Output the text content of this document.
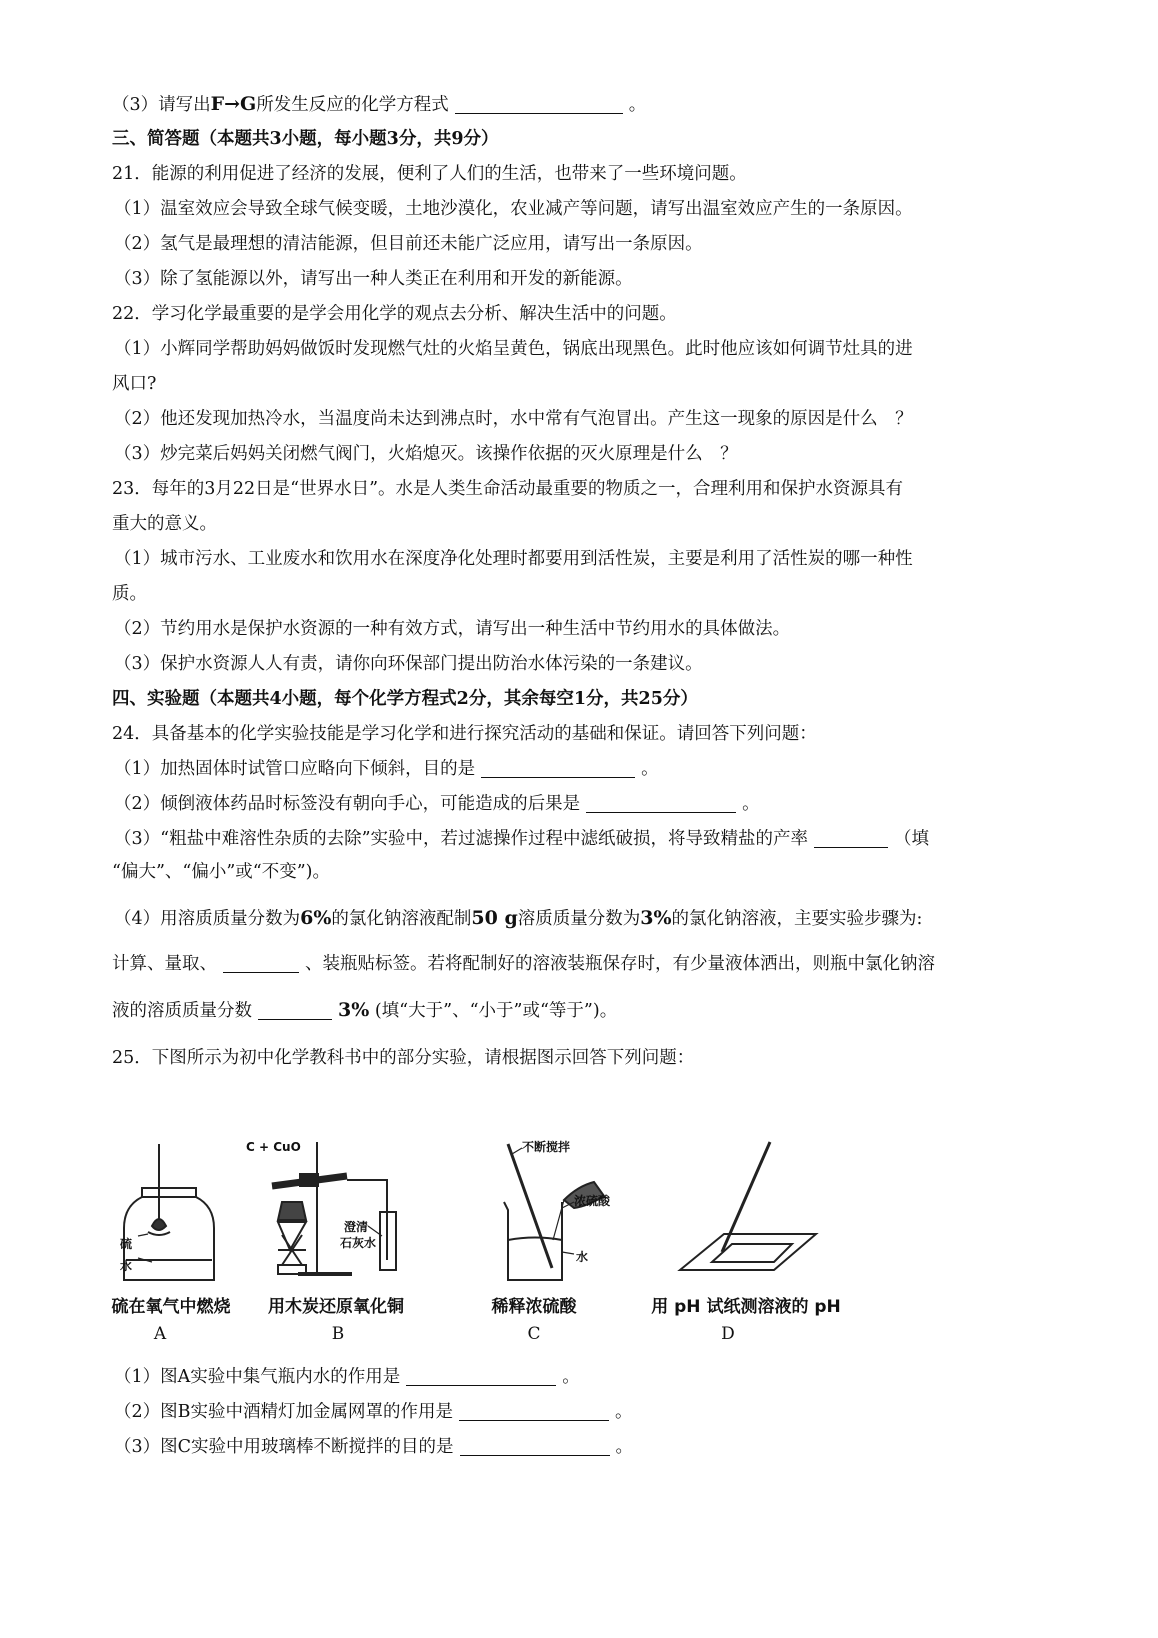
（3）请写出F→G所发生反应的化学方程式	。
三、简答题（本题共3小题，每小题3分，共9分）
21．能源的利用促进了经济的发展，便利了人们的生活，也带来了一些环境问题。
（1）温室效应会导致全球气候变暖，土地沙漠化，农业减产等问题，请写出温室效应产生的一条原因。
（2）氢气是最理想的清洁能源，但目前还未能广泛应用，请写出一条原因。
（3）除了氢能源以外，请写出一种人类正在利用和开发的新能源。
22．学习化学最重要的是学会用化学的观点去分析、解决生活中的问题。
（1）小辉同学帮助妈妈做饭时发现燃气灶的火焰呈黄色，锅底出现黑色。此时他应该如何调节灶具的进
风口?
（2）他还发现加热冷水，当温度尚未达到沸点时，水中常有气泡冒出。产生这一现象的原因是什么　？
（3）炒完菜后妈妈关闭燃气阀门，火焰熄灭。该操作依据的灭火原理是什么　？
23．每年的3月22日是“世界水日”。水是人类生命活动最重要的物质之一，合理利用和保护水资源具有
重大的意义。
（1）城市污水、工业废水和饮用水在深度净化处理时都要用到活性炭，主要是利用了活性炭的哪一种性
质。
（2）节约用水是保护水资源的一种有效方式，请写出一种生活中节约用水的具体做法。
（3）保护水资源人人有责，请你向环保部门提出防治水体污染的一条建议。
四、实验题（本题共4小题，每个化学方程式2分，其余每空1分，共25分）
24．具备基本的化学实验技能是学习化学和进行探究活动的基础和保证。请回答下列问题：
（1）加热固体时试管口应略向下倾斜，目的是	。
（2）倾倒液体药品时标签没有朝向手心，可能造成的后果是	。
（3）“粗盐中难溶性杂质的去除”实验中，若过滤操作过程中滤纸破损，将导致精盐的产率	（填
“偏大”、“偏小”或“不变”)。
（4）用溶质质量分数为6%的氯化钠溶液配制50 g溶质质量分数为3%的氯化钠溶液，主要实验步骤为:
计算、量取、	、装瓶贴标签。若将配制好的溶液装瓶保存时，有少量液体洒出，则瓶中氯化钠溶
液的溶质质量分数	3% (填“大于”、“小于”或“等于”)。
25．下图所示为初中化学教科书中的部分实验，请根据图示回答下列问题：
硫
水
C + CuO
澄清
石灰水
不断搅拌
浓硫酸
水
硫在氧气中燃烧	用木炭还原氧化铜	稀释浓硫酸	用 pH 试纸测溶液的 pH
A	B	C	D
（1）图A实验中集气瓶内水的作用是	。
（2）图B实验中酒精灯加金属网罩的作用是	。
（3）图C实验中用玻璃棒不断搅拌的目的是	。
